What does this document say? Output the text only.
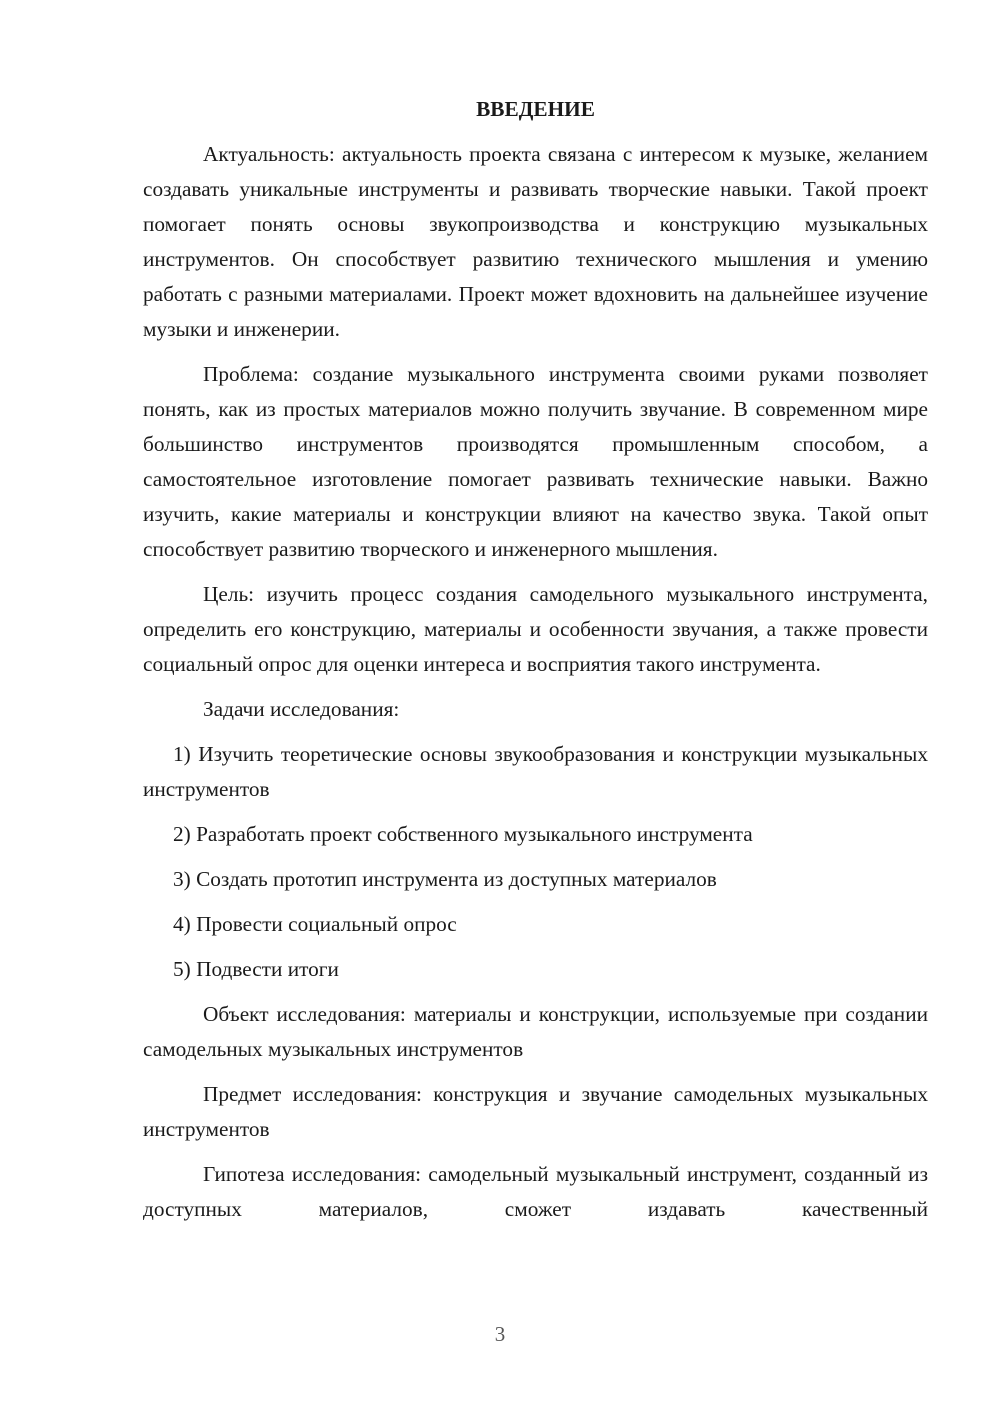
ВВЕДЕНИЕ

Актуальность: актуальность проекта связана с интересом к музыке, желанием создавать уникальные инструменты и развивать творческие навыки. Такой проект помогает понять основы звукопроизводства и конструкцию музыкальных инструментов. Он способствует развитию технического мышления и умению работать с разными материалами. Проект может вдохновить на дальнейшее изучение музыки и инженерии.

Проблема: создание музыкального инструмента своими руками позволяет понять, как из простых материалов можно получить звучание. В современном мире большинство инструментов производятся промышленным способом, а самостоятельное изготовление помогает развивать технические навыки. Важно изучить, какие материалы и конструкции влияют на качество звука. Такой опыт способствует развитию творческого и инженерного мышления.

Цель: изучить процесс создания самодельного музыкального инструмента, определить его конструкцию, материалы и особенности звучания, а также провести социальный опрос для оценки интереса и восприятия такого инструмента.

Задачи исследования:

1) Изучить теоретические основы звукообразования и конструкции музыкальных инструментов

2) Разработать проект собственного музыкального инструмента

3) Создать прототип инструмента из доступных материалов

4) Провести социальный опрос

5) Подвести итоги

Объект исследования: материалы и конструкции, используемые при создании самодельных музыкальных инструментов

Предмет исследования: конструкция и звучание самодельных музыкальных инструментов

Гипотеза исследования: самодельный музыкальный инструмент, созданный из доступных материалов, сможет издавать качественный

3
